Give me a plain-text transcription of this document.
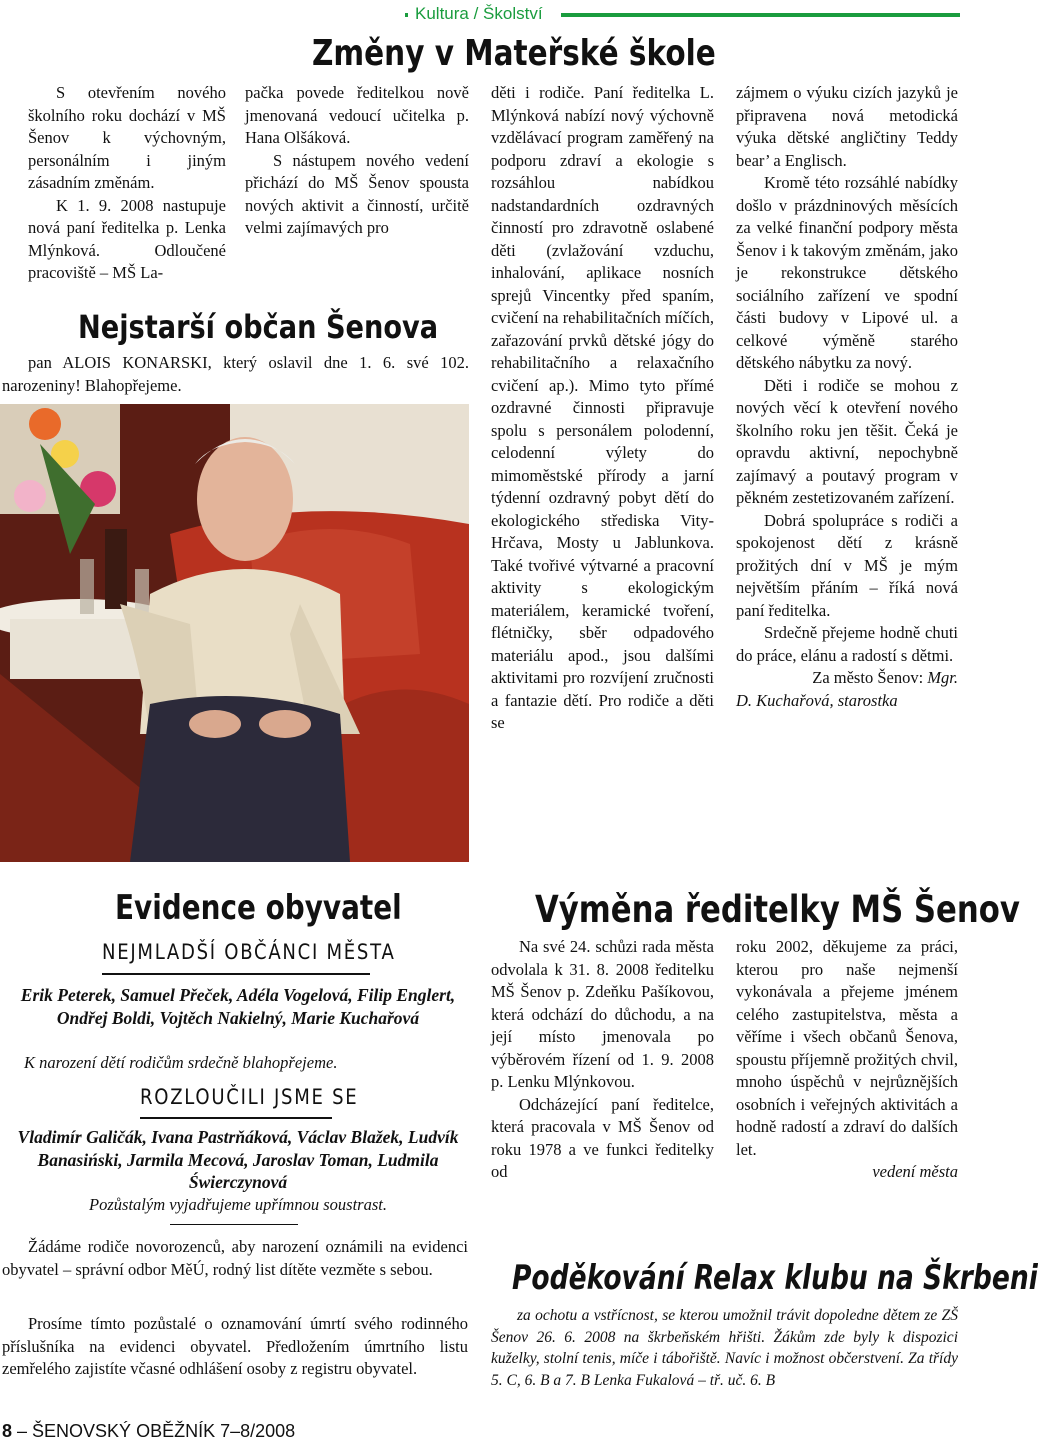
Kultura / Školství
Změny v Mateřské škole

S otevřením nového školního roku dochází v MŠ Šenov k výchovným, personálním i jiným zásadním změnám.

K 1. 9. 2008 nastupuje nová paní ředitelka p. Lenka Mlýnková. Odloučené pracoviště – MŠ La-

pačka povede ředitelkou nově jmenovaná vedoucí učitelka p. Hana Olšáková.

S nástupem nového vedení přichází do MŠ Šenov spousta nových aktivit a činností, určitě velmi zajímavých pro

děti i rodiče. Paní ředitelka L. Mlýnková nabízí nový výchovně vzdělávací program zaměřený na podporu zdraví a ekologie s rozsáhlou nabídkou nadstandardních ozdravných činností pro zdravotně oslabené děti (zvlažování vzduchu, inhalování, aplikace nosních sprejů Vincentky před spaním, cvičení na rehabilitačních míčích, zařazování prvků dětské jógy do rehabilitačního a relaxačního cvičení ap.). Mimo tyto přímé ozdravné činnosti připravuje spolu s personálem polodenní, celodenní výlety do mimoměstské přírody a jarní týdenní ozdravný pobyt dětí do ekologického střediska Vity-Hrčava, Mosty u Jablunkova. Také tvořivé výtvarné a pracovní aktivity s ekologickým materiálem, keramické tvoření, flétničky, sběr odpadového materiálu apod., jsou dalšími aktivitami pro rozvíjení zručnosti a fantazie dětí. Pro rodiče a děti se

zájmem o výuku cizích jazyků je připravena nová metodická výuka dětské angličtiny Teddy bear’ a Englisch.

Kromě této rozsáhlé nabídky došlo v prázdninových měsících za velké finanční podpory města Šenov i k takovým změnám, jako je rekonstrukce dětského sociálního zařízení ve spodní části budovy v Lipové ul. a celkové výměně starého dětského nábytku za nový.

Děti i rodiče se mohou z nových věcí k otevření nového školního roku jen těšit. Čeká je opravdu aktivní, nepochybně zajímavý a poutavý program v pěkném zestetizovaném zařízení.

Dobrá spolupráce s rodiči a spokojenost dětí z krásně prožitých dní v MŠ je mým největším přáním – říká nová paní ředitelka.

Srdečně přejeme hodně chuti do práce, elánu a radostí s dětmi.

Za město Šenov: Mgr.

D. Kuchařová, starostka

Nejstarší občan Šenova
pan ALOIS KONARSKI, který oslavil dne 1. 6. své 102. narozeniny! Blahopřejeme.
Evidence obyvatel
NEJMLADŠÍ OBČÁNCI MĚSTA
Erik Peterek, Samuel Přeček, Adéla Vogelová, Filip Englert, Ondřej Boldi, Vojtěch Nakielný, Marie Kuchařová
K narození dětí rodičům srdečně blahopřejeme.
ROZLOUČILI JSME SE
Vladimír Galičák, Ivana Pastrňáková, Václav Blažek, Ludvík Banasiński, Jarmila Mecová, Jaroslav Toman, Ludmila Świerczynová
Pozůstalým vyjadřujeme upřímnou soustrast.
Žádáme rodiče novorozenců, aby narození oznámili na evidenci obyvatel – správní odbor MěÚ, rodný list dítěte vezměte s sebou.
Prosíme tímto pozůstalé o oznamování úmrtí svého rodinného příslušníka na evidenci obyvatel. Předložením úmrtního listu zemřelého zajistíte včasné odhlášení osoby z registru obyvatel.
Výměna ředitelky MŠ Šenov

Na své 24. schůzi rada města odvolala k 31. 8. 2008 ředitelku MŠ Šenov p. Zdeňku Pašíkovou, která odchází do důchodu, a na její místo jmenovala po výběrovém řízení od 1. 9. 2008 p. Lenku Mlýnkovou.

Odcházející paní ředitelce, která pracovala v MŠ Šenov od roku 1978 a ve funkci ředitelky od

roku 2002, děkujeme za práci, kterou pro naše nejmenší vykonávala a přejeme jménem celého zastupitelstva, města a věříme i všech občanů Šenova, spoustu příjemně prožitých chvil, mnoho úspěchů v nejrůznějších osobních i veřejných aktivitách a hodně radostí a zdraví do dalších let.

vedení města

Poděkování Relax klubu na Škrbeni
za ochotu a vstřícnost, se kterou umožnil trávit dopoledne dětem ze ZŠ Šenov 26. 6. 2008 na škrbeňském hřišti. Žákům zde byly k dispozici kuželky, stolní tenis, míče i tábořiště. Navíc i možnost občerstvení. Za třídy 5. C, 6. B a 7. B Lenka Fukalová – tř. uč. 6. B
8 – ŠENOVSKÝ OBĚŽNÍK 7–8/2008
